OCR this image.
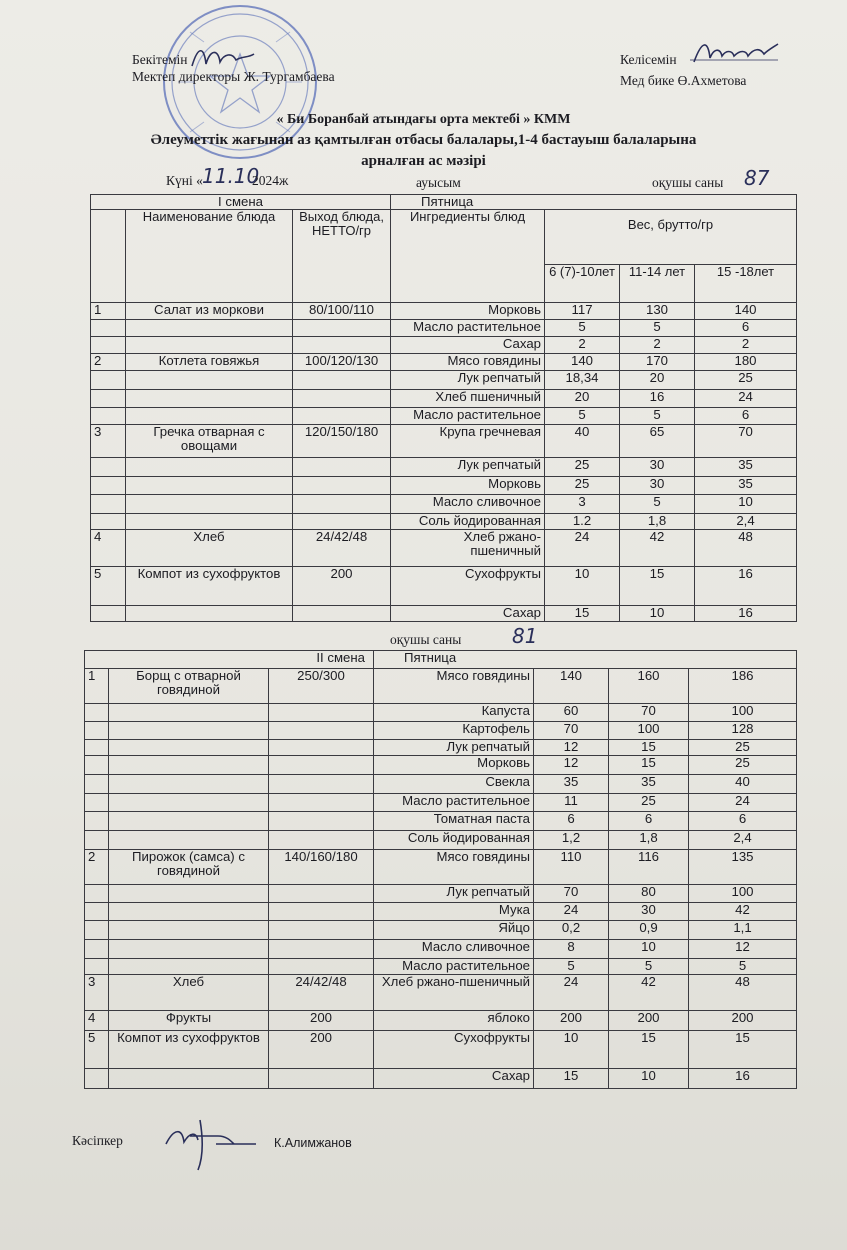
Бекітемін
Мектеп директоры Ж. Тургамбаева
Келісемін
Мед бике Ө.Ахметова
« Би Боранбай атындағы орта мектебі » КММ
Әлеуметтік жағынан аз қамтылған отбасы балалары,1-4 бастауыш балаларына
арналған ас мәзірі
Күні « 11.10
2024ж	ауысым	оқушы саны 87
I смена			Пятница			
	Наименование блюда	Выход блюда, НЕТТО/гр	Ингредиенты блюд	Вес, брутто/гр		
				6 (7)-10лет	11-14 лет	15 -18лет
1	Салат из моркови	80/100/110	Морковь	117	130	140
			Масло растительное	5	5	6
			Сахар	2	2	2
2	Котлета говяжья	100/120/130	Мясо говядины	140	170	180
			Лук репчатый	18,34	20	25
			Хлеб пшеничный	20	16	24
			Масло растительное	5	5	6
3	Гречка отварная с овощами	120/150/180	Крупа гречневая	40	65	70
			Лук репчатый	25	30	35
			Морковь	25	30	35
			Масло сливочное	3	5	10
			Соль йодированная	1.2	1,8	2,4
4	Хлеб	24/42/48	Хлеб ржано-пшеничный	24	42	48
5	Компот из сухофруктов	200	Сухофрукты	10	15	16
			Сахар	15	10	16
оқушы саны	81
II смена			Пятница			
1	Борщ с отварной говядиной	250/300	Мясо говядины	140	160	186
			Капуста	60	70	100
			Картофель	70	100	128
			Лук репчатый	12	15	25
			Морковь	12	15	25
			Свекла	35	35	40
			Масло растительное	11	25	24
			Томатная паста	6	6	6
			Соль йодированная	1,2	1,8	2,4
2	Пирожок (самса) с говядиной	140/160/180	Мясо говядины	110	116	135
			Лук репчатый	70	80	100
			Мука	24	30	42
			Яйцо	0,2	0,9	1,1
			Масло сливочное	8	10	12
			Масло растительное	5	5	5
3	Хлеб	24/42/48	Хлеб ржано-пшеничный	24	42	48
4	Фрукты	200	яблоко	200	200	200
5	Компот из сухофруктов	200	Сухофрукты	10	15	15
			Сахар	15	10	16
Кәсіпкер	К.Алимжанов
